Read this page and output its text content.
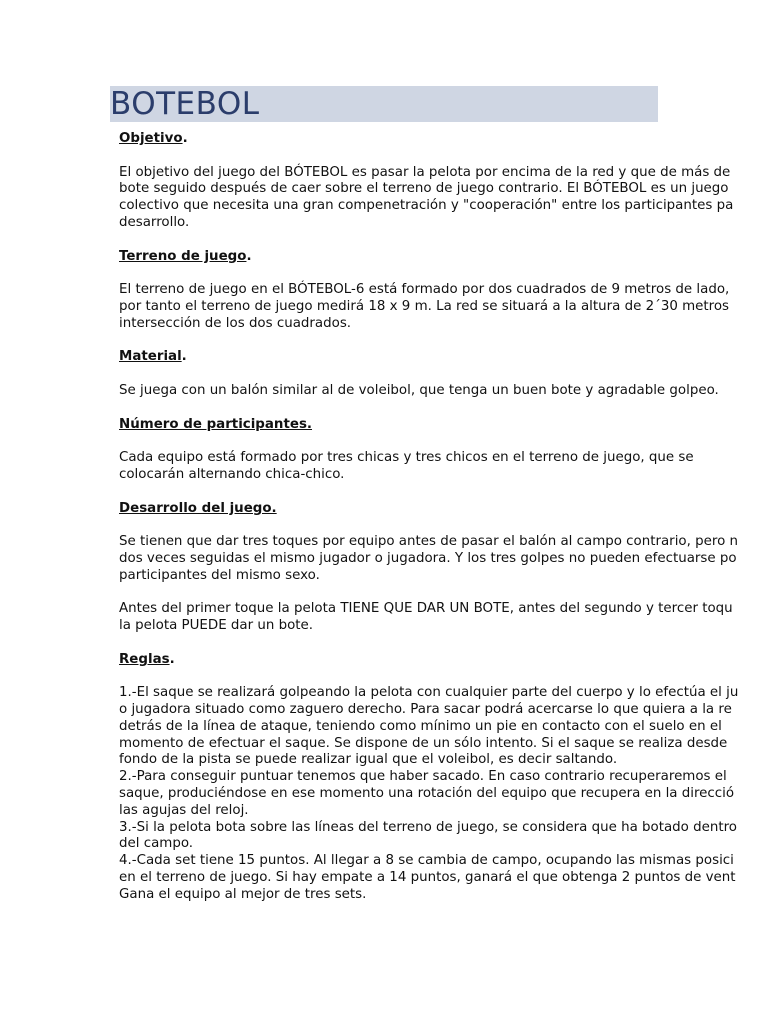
BOTEBOL

Objetivo.

El objetivo del juego del BÓTEBOL es pasar la pelota por encima de la red y que de más de
bote seguido después de caer sobre el terreno de juego contrario. El BÓTEBOL es un juego
colectivo que necesita una gran compenetración y "cooperación" entre los participantes pa
desarrollo.

Terreno de juego.

El terreno de juego en el BÓTEBOL-6 está formado por dos cuadrados de 9 metros de lado,
por tanto el terreno de juego medirá 18 x 9 m. La red se situará a la altura de 2´30 metros
intersección de los dos cuadrados.

Material.

Se juega con un balón similar al de voleibol, que tenga un buen bote y agradable golpeo.

Número de participantes.

Cada equipo está formado por tres chicas y tres chicos en el terreno de juego, que se
colocarán alternando chica-chico.

Desarrollo del juego.

Se tienen que dar tres toques por equipo antes de pasar el balón al campo contrario, pero n
dos veces seguidas el mismo jugador o jugadora. Y los tres golpes no pueden efectuarse po
participantes del mismo sexo.

Antes del primer toque la pelota TIENE QUE DAR UN BOTE, antes del segundo y tercer toqu
la pelota PUEDE dar un bote.

Reglas.

1.-El saque se realizará golpeando la pelota con cualquier parte del cuerpo y lo efectúa el ju
o jugadora situado como zaguero derecho. Para sacar podrá acercarse lo que quiera a la re
detrás de la línea de ataque, teniendo como mínimo un pie en contacto con el suelo en el
momento de efectuar el saque. Se dispone de un sólo intento. Si el saque se realiza desde
fondo de la pista se puede realizar igual que el voleibol, es decir saltando.
2.-Para conseguir puntuar tenemos que haber sacado. En caso contrario recuperaremos el
saque, produciéndose en ese momento una rotación del equipo que recupera en la direcció
las agujas del reloj.
3.-Si la pelota bota sobre las líneas del terreno de juego, se considera que ha botado dentro
del campo.
4.-Cada set tiene 15 puntos. Al llegar a 8 se cambia de campo, ocupando las mismas posici
en el terreno de juego. Si hay empate a 14 puntos, ganará el que obtenga 2 puntos de vent
Gana el equipo al mejor de tres sets.
